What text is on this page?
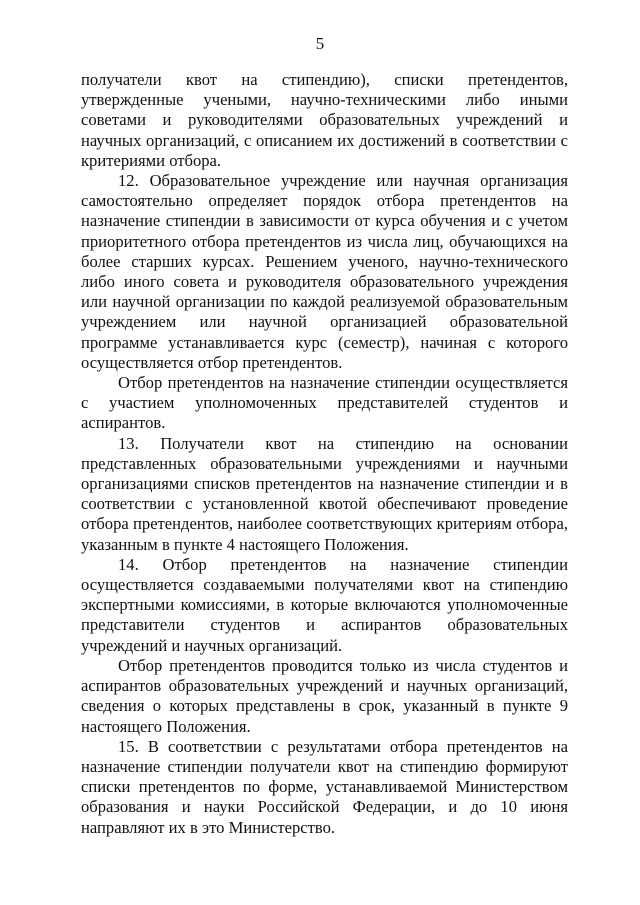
5

получатели квот на стипендию), списки претендентов, утвержденные учеными, научно-техническими либо иными советами и руководителями образовательных учреждений и научных организаций, с описанием их достижений в соответствии с критериями отбора.

12. Образовательное учреждение или научная организация самостоятельно определяет порядок отбора претендентов на назначение стипендии в зависимости от курса обучения и с учетом приоритетного отбора претендентов из числа лиц, обучающихся на более старших курсах. Решением ученого, научно-технического либо иного совета и руководителя образовательного учреждения или научной организации по каждой реализуемой образовательным учреждением или научной организацией образовательной программе устанавливается курс (семестр), начиная с которого осуществляется отбор претендентов.

Отбор претендентов на назначение стипендии осуществляется с участием уполномоченных представителей студентов и аспирантов.

13. Получатели квот на стипендию на основании представленных образовательными учреждениями и научными организациями списков претендентов на назначение стипендии и в соответствии с установленной квотой обеспечивают проведение отбора претендентов, наиболее соответствующих критериям отбора, указанным в пункте 4 настоящего Положения.

14. Отбор претендентов на назначение стипендии осуществляется создаваемыми получателями квот на стипендию экспертными комиссиями, в которые включаются уполномоченные представители студентов и аспирантов образовательных учреждений и научных организаций.

Отбор претендентов проводится только из числа студентов и аспирантов образовательных учреждений и научных организаций, сведения о которых представлены в срок, указанный в пункте 9 настоящего Положения.

15. В соответствии с результатами отбора претендентов на назначение стипендии получатели квот на стипендию формируют списки претендентов по форме, устанавливаемой Министерством образования и науки Российской Федерации, и до 10 июня направляют их в это Министерство.
